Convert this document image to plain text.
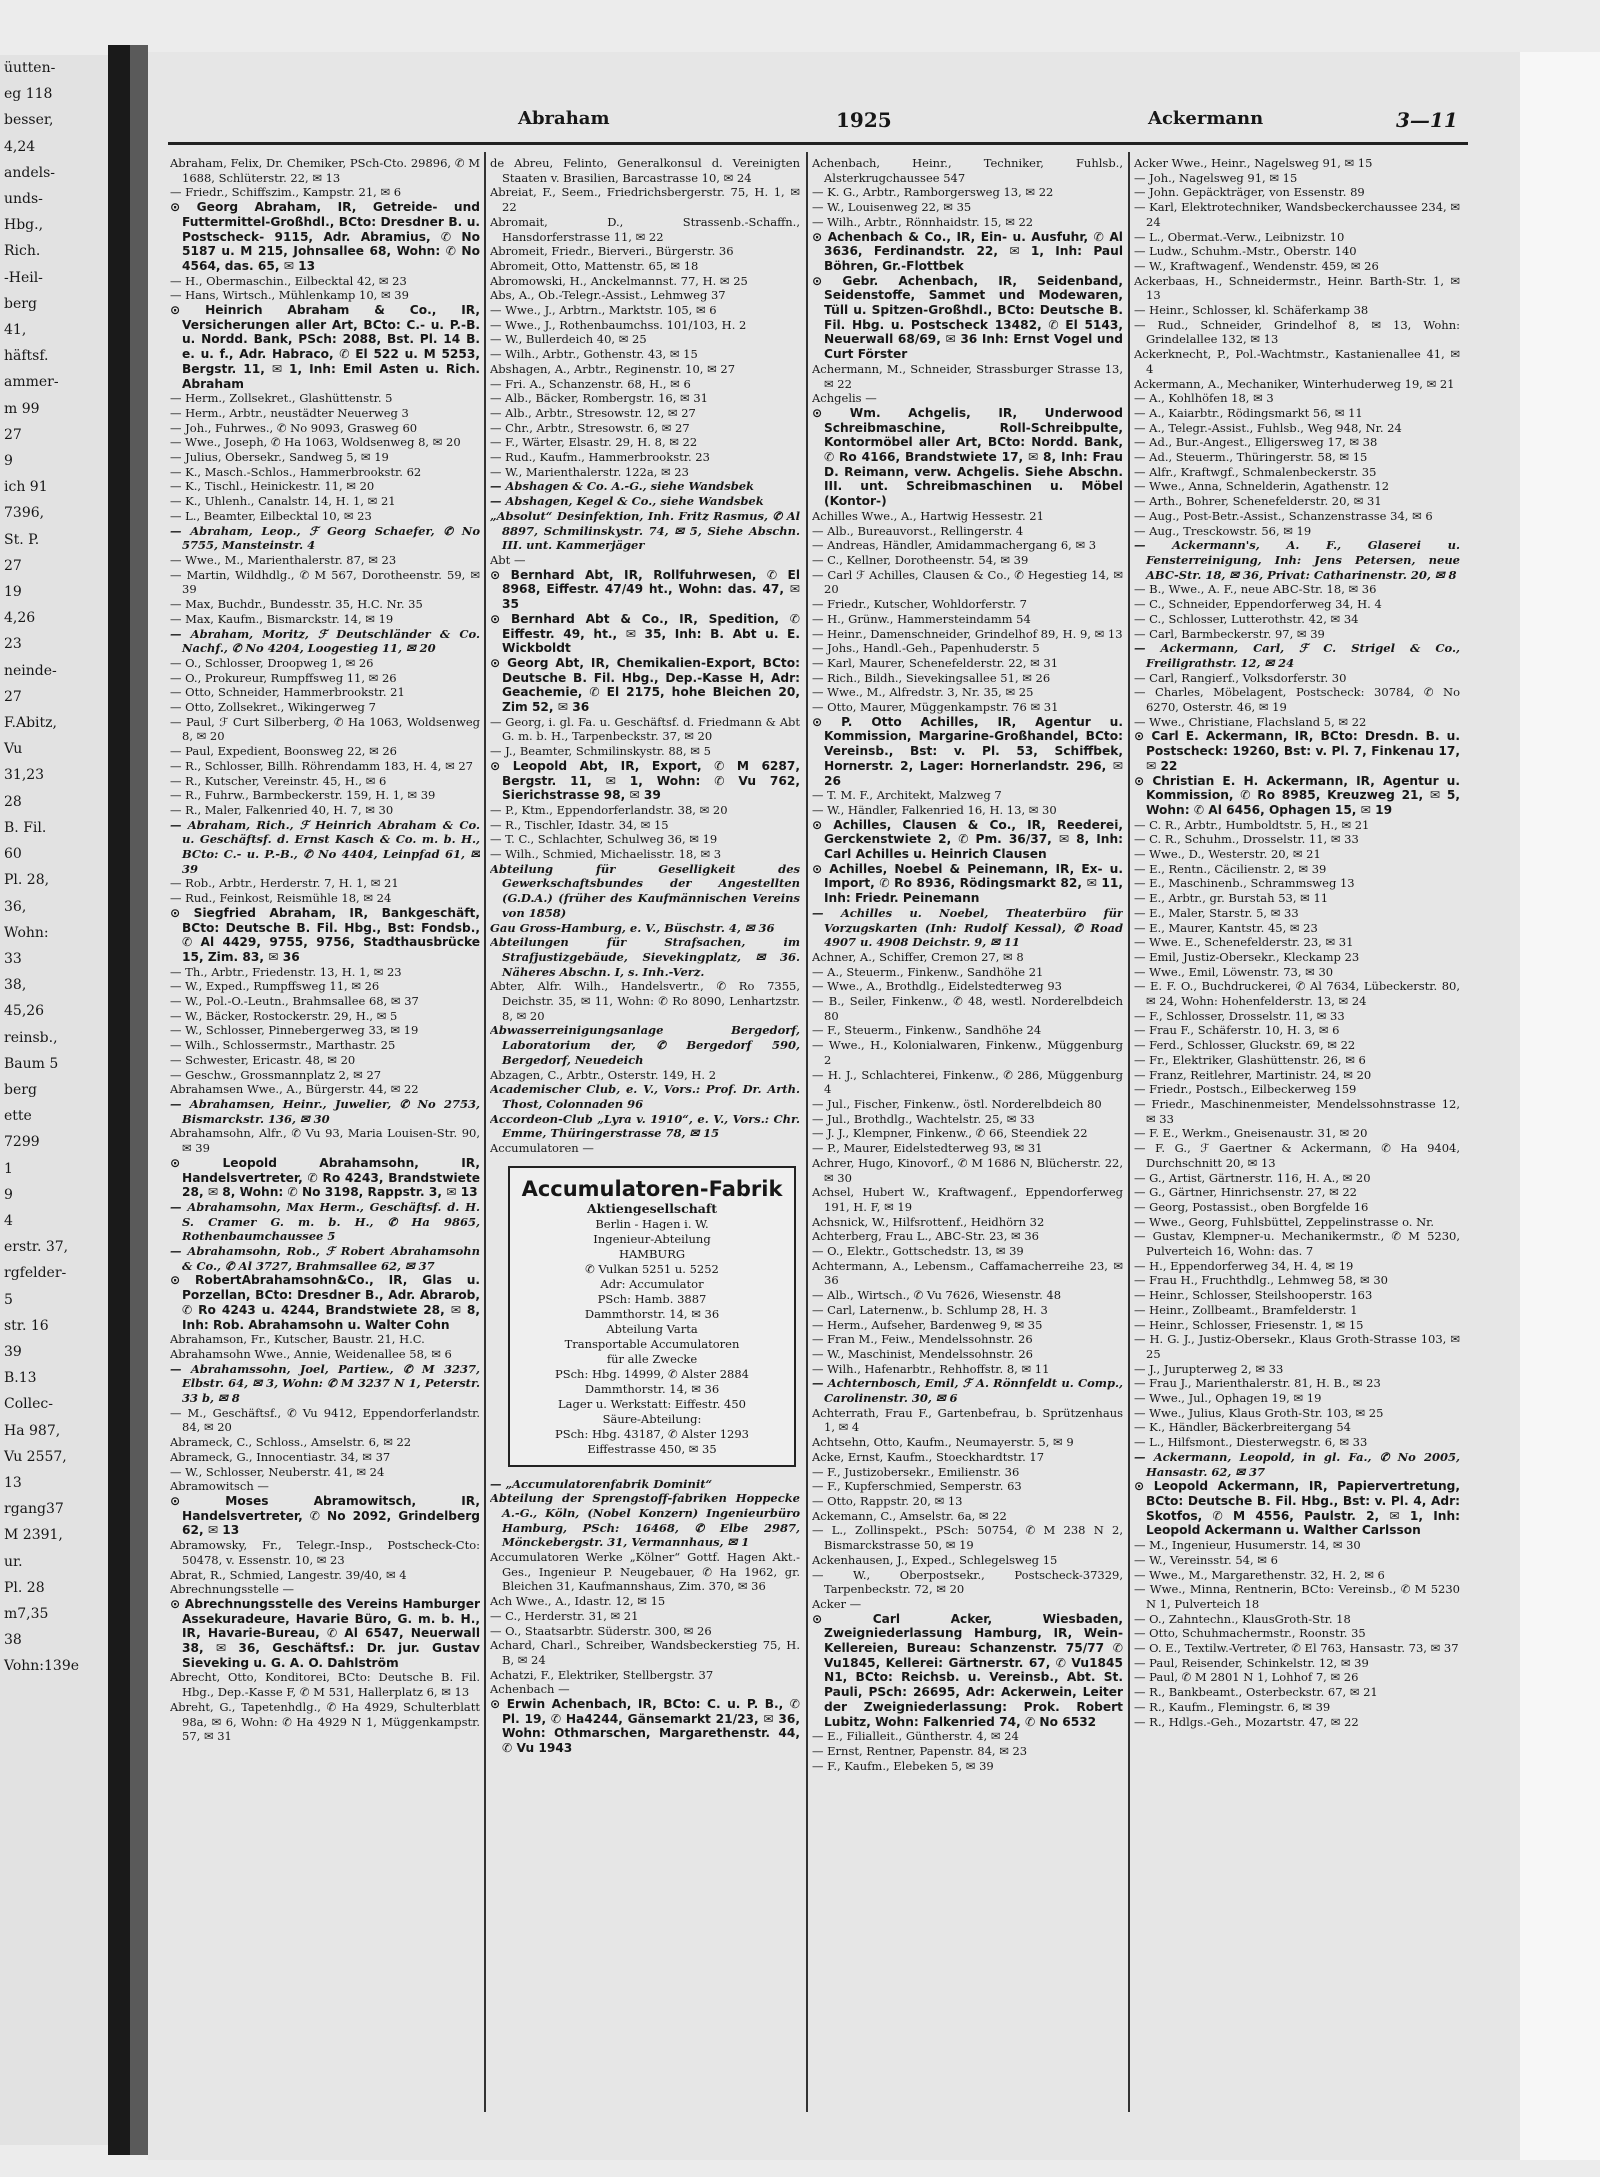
üutten-
eg 118
besser,
4,24
andels-
unds-
Hbg.,
Rich.
-Heil-
berg
41,
häftsf.
ammer-
m 99
27
9
ich 91
7396,
St. P.
27
19
4,26
23
neinde-
27
F.Abitz,
Vu
31,23
28
B. Fil.
60
Pl. 28,
36,
Wohn:
33
38,
45,26
reinsb.,
Baum 5
berg
ette
7299
1
9
4
erstr. 37,
rgfelder-
5
str. 16
39
B.13
Collec-
Ha 987,
Vu 2557,
13
rgang37
M 2391,
ur.
Pl. 28
m7,35
38
Vohn:139e
Abraham	1925	Ackermann	3—11

Abraham, Felix, Dr. Chemiker, PSch-Cto. 29896, ✆ M 1688, Schlüterstr. 22, ✉ 13

— Friedr., Schiffszim., Kampstr. 21, ✉ 6

⊙ Georg Abraham, IR, Getreide- und Futtermittel-Großhdl., BCto: Dresdner B. u. Postscheck- 9115, Adr. Abramius, ✆ No 5187 u. M 215, Johnsallee 68, Wohn: ✆ No 4564, das. 65, ✉ 13

— H., Obermaschin., Eilbecktal 42, ✉ 23

— Hans, Wirtsch., Mühlenkamp 10, ✉ 39

⊙ Heinrich Abraham & Co., IR, Versicherungen aller Art, BCto: C.- u. P.-B. u. Nordd. Bank, PSch: 2088, Bst. Pl. 14 B. e. u. f., Adr. Habraco, ✆ El 522 u. M 5253, Bergstr. 11, ✉ 1, Inh: Emil Asten u. Rich. Abraham

— Herm., Zollsekret., Glashüttenstr. 5

— Herm., Arbtr., neustädter Neuerweg 3

— Joh., Fuhrwes., ✆ No 9093, Grasweg 60

— Wwe., Joseph, ✆ Ha 1063, Woldsenweg 8, ✉ 20

— Julius, Obersekr., Sandweg 5, ✉ 19

— K., Masch.-Schlos., Hammerbrookstr. 62

— K., Tischl., Heinickestr. 11, ✉ 20

— K., Uhlenh., Canalstr. 14, H. 1, ✉ 21

— L., Beamter, Eilbecktal 10, ✉ 23

— Abraham, Leop., ℱ Georg Schaefer, ✆ No 5755, Mansteinstr. 4

— Wwe., M., Marienthalerstr. 87, ✉ 23

— Martin, Wildhdlg., ✆ M 567, Dorotheenstr. 59, ✉ 39

— Max, Buchdr., Bundesstr. 35, H.C. Nr. 35

— Max, Kaufm., Bismarckstr. 14, ✉ 19

— Abraham, Moritz, ℱ Deutschländer & Co. Nachf., ✆ No 4204, Loogestieg 11, ✉ 20

— O., Schlosser, Droopweg 1, ✉ 26

— O., Prokureur, Rumpffsweg 11, ✉ 26

— Otto, Schneider, Hammerbrookstr. 21

— Otto, Zollsekret., Wikingerweg 7

— Paul, ℱ Curt Silberberg, ✆ Ha 1063, Woldsenweg 8, ✉ 20

— Paul, Expedient, Boonsweg 22, ✉ 26

— R., Schlosser, Billh. Röhrendamm 183, H. 4, ✉ 27

— R., Kutscher, Vereinstr. 45, H., ✉ 6

— R., Fuhrw., Barmbeckerstr. 159, H. 1, ✉ 39

— R., Maler, Falkenried 40, H. 7, ✉ 30

— Abraham, Rich., ℱ Heinrich Abraham & Co. u. Geschäftsf. d. Ernst Kasch & Co. m. b. H., BCto: C.- u. P.-B., ✆ No 4404, Leinpfad 61, ✉ 39

— Rob., Arbtr., Herderstr. 7, H. 1, ✉ 21

— Rud., Feinkost, Reismühle 18, ✉ 24

⊙ Siegfried Abraham, IR, Bankgeschäft, BCto: Deutsche B. Fil. Hbg., Bst: Fondsb., ✆ Al 4429, 9755, 9756, Stadthausbrücke 15, Zim. 83, ✉ 36

— Th., Arbtr., Friedenstr. 13, H. 1, ✉ 23

— W., Exped., Rumpffsweg 11, ✉ 26

— W., Pol.-O.-Leutn., Brahmsallee 68, ✉ 37

— W., Bäcker, Rostockerstr. 29, H., ✉ 5

— W., Schlosser, Pinnebergerweg 33, ✉ 19

— Wilh., Schlossermstr., Marthastr. 25

— Schwester, Ericastr. 48, ✉ 20

— Geschw., Grossmannplatz 2, ✉ 27

Abrahamsen Wwe., A., Bürgerstr. 44, ✉ 22

— Abrahamsen, Heinr., Juwelier, ✆ No 2753, Bismarckstr. 136, ✉ 30

Abrahamsohn, Alfr., ✆ Vu 93, Maria Louisen-Str. 90, ✉ 39

⊙ Leopold Abrahamsohn, IR, Handelsvertreter, ✆ Ro 4243, Brandstwiete 28, ✉ 8, Wohn: ✆ No 3198, Rappstr. 3, ✉ 13

— Abrahamsohn, Max Herm., Geschäftsf. d. H. S. Cramer G. m. b. H., ✆ Ha 9865, Rothenbaumchaussee 5

— Abrahamsohn, Rob., ℱ Robert Abrahamsohn & Co., ✆ Al 3727, Brahmsallee 62, ✉ 37

⊙ RobertAbrahamsohn&Co., IR, Glas u. Porzellan, BCto: Dresdner B., Adr. Abrarob, ✆ Ro 4243 u. 4244, Brandstwiete 28, ✉ 8, Inh: Rob. Abrahamsohn u. Walter Cohn

Abrahamson, Fr., Kutscher, Baustr. 21, H.C.

Abrahamsohn Wwe., Annie, Weidenallee 58, ✉ 6

— Abrahamssohn, Joel, Partiew., ✆ M 3237, Elbstr. 64, ✉ 3, Wohn: ✆ M 3237 N 1, Peterstr. 33 b, ✉ 8

— M., Geschäftsf., ✆ Vu 9412, Eppendorferlandstr. 84, ✉ 20

Abrameck, C., Schloss., Amselstr. 6, ✉ 22

Abrameck, G., Innocentiastr. 34, ✉ 37

— W., Schlosser, Neuberstr. 41, ✉ 24

Abramowitsch —

⊙ Moses Abramowitsch, IR, Handelsvertreter, ✆ No 2092, Grindelberg 62, ✉ 13

Abramowsky, Fr., Telegr.-Insp., Postscheck-Cto: 50478, v. Essenstr. 10, ✉ 23

Abrat, R., Schmied, Langestr. 39/40, ✉ 4

Abrechnungsstelle —

⊙ Abrechnungsstelle des Vereins Hamburger Assekuradeure, Havarie Büro, G. m. b. H., IR, Havarie-Bureau, ✆ Al 6547, Neuerwall 38, ✉ 36, Geschäftsf.: Dr. jur. Gustav Sieveking u. G. A. O. Dahlström

Abrecht, Otto, Konditorei, BCto: Deutsche B. Fil. Hbg., Dep.-Kasse F, ✆ M 531, Hallerplatz 6, ✉ 13

Abreht, G., Tapetenhdlg., ✆ Ha 4929, Schulterblatt 98a, ✉ 6, Wohn: ✆ Ha 4929 N 1, Müggenkampstr. 57, ✉ 31

de Abreu, Felinto, Generalkonsul d. Vereinigten Staaten v. Brasilien, Barcastrasse 10, ✉ 24

Abreiat, F., Seem., Friedrichsbergerstr. 75, H. 1, ✉ 22

Abromait, D., Strassenb.-Schaffn., Hansdorferstrasse 11, ✉ 22

Abromeit, Friedr., Bierveri., Bürgerstr. 36

Abromeit, Otto, Mattenstr. 65, ✉ 18

Abromowski, H., Anckelmannst. 77, H. ✉ 25

Abs, A., Ob.-Telegr.-Assist., Lehmweg 37

— Wwe., J., Arbtrn., Marktstr. 105, ✉ 6

— Wwe., J., Rothenbaumchss. 101/103, H. 2

— W., Bullerdeich 40, ✉ 25

— Wilh., Arbtr., Gothenstr. 43, ✉ 15

Abshagen, A., Arbtr., Reginenstr. 10, ✉ 27

— Fri. A., Schanzenstr. 68, H., ✉ 6

— Alb., Bäcker, Rombergstr. 16, ✉ 31

— Alb., Arbtr., Stresowstr. 12, ✉ 27

— Chr., Arbtr., Stresowstr. 6, ✉ 27

— F., Wärter, Elsastr. 29, H. 8, ✉ 22

— Rud., Kaufm., Hammerbrookstr. 23

— W., Marienthalerstr. 122a, ✉ 23

— Abshagen & Co. A.-G., siehe Wandsbek

— Abshagen, Kegel & Co., siehe Wandsbek

„Absolut“ Desinfektion, Inh. Fritz Rasmus, ✆ Al 8897, Schmilinskystr. 74, ✉ 5, Siehe Abschn. III. unt. Kammerjäger

Abt —

⊙ Bernhard Abt, IR, Rollfuhrwesen, ✆ El 8968, Eiffestr. 47/49 ht., Wohn: das. 47, ✉ 35

⊙ Bernhard Abt & Co., IR, Spedition, ✆ Eiffestr. 49, ht., ✉ 35, Inh: B. Abt u. E. Wickboldt

⊙ Georg Abt, IR, Chemikalien-Export, BCto: Deutsche B. Fil. Hbg., Dep.-Kasse H, Adr: Geachemie, ✆ El 2175, hohe Bleichen 20, Zim 52, ✉ 36

— Georg, i. gl. Fa. u. Geschäftsf. d. Friedmann & Abt G. m. b. H., Tarpenbeckstr. 37, ✉ 20

— J., Beamter, Schmilinskystr. 88, ✉ 5

⊙ Leopold Abt, IR, Export, ✆ M 6287, Bergstr. 11, ✉ 1, Wohn: ✆ Vu 762, Sierichstrasse 98, ✉ 39

— P., Ktm., Eppendorferlandstr. 38, ✉ 20

— R., Tischler, Idastr. 34, ✉ 15

— T. C., Schlachter, Schulweg 36, ✉ 19

— Wilh., Schmied, Michaelisstr. 18, ✉ 3

Abteilung für Geselligkeit des Gewerkschaftsbundes der Angestellten (G.D.A.) (früher des Kaufmännischen Vereins von 1858)

Gau Gross-Hamburg, e. V., Büschstr. 4, ✉ 36

Abteilungen für Strafsachen, im Strafjustizgebäude, Sievekingplatz, ✉ 36. Näheres Abschn. I, s. Inh.-Verz.

Abter, Alfr. Wilh., Handelsvertr., ✆ Ro 7355, Deichstr. 35, ✉ 11, Wohn: ✆ Ro 8090, Lenhartzstr. 8, ✉ 20

Abwasserreinigungsanlage Bergedorf, Laboratorium der, ✆ Bergedorf 590, Bergedorf, Neuedeich

Abzagen, C., Arbtr., Osterstr. 149, H. 2

Academischer Club, e. V., Vors.: Prof. Dr. Arth. Thost, Colonnaden 96

Accordeon-Club „Lyra v. 1910“, e. V., Vors.: Chr. Emme, Thüringerstrasse 78, ✉ 15

Accumulatoren —

Accumulatoren-Fabrik
Aktiengesellschaft
Berlin - Hagen i. W.
Ingenieur-Abteilung
HAMBURG
✆ Vulkan 5251 u. 5252
Adr: Accumulator
PSch: Hamb. 3887
Dammthorstr. 14, ✉ 36
Abteilung Varta
Transportable Accumulatoren
für alle Zwecke
PSch: Hbg. 14999, ✆ Alster 2884
Dammthorstr. 14, ✉ 36
Lager u. Werkstatt: Eiffestr. 450
Säure-Abteilung:
PSch: Hbg. 43187, ✆ Alster 1293
Eiffestrasse 450, ✉ 35

— „Accumulatorenfabrik Dominit“

Abteilung der Sprengstoff-fabriken Hoppecke A.-G., Köln, (Nobel Konzern) Ingenieurbüro Hamburg, PSch: 16468, ✆ Elbe 2987, Mönckebergstr. 31, Vermannhaus, ✉ 1

Accumulatoren Werke „Kölner“ Gottf. Hagen Akt.-Ges., Ingenieur P. Neugebauer, ✆ Ha 1962, gr. Bleichen 31, Kaufmannshaus, Zim. 370, ✉ 36

Ach Wwe., A., Idastr. 12, ✉ 15

— C., Herderstr. 31, ✉ 21

— O., Staatsarbtr. Süderstr. 300, ✉ 26

Achard, Charl., Schreiber, Wandsbeckerstieg 75, H. B, ✉ 24

Achatzi, F., Elektriker, Stellbergstr. 37

Achenbach —

⊙ Erwin Achenbach, IR, BCto: C. u. P. B., ✆ Pl. 19, ✆ Ha4244, Gänsemarkt 21/23, ✉ 36, Wohn: Othmarschen, Margarethenstr. 44, ✆ Vu 1943

Achenbach, Heinr., Techniker, Fuhlsb., Alsterkrugchaussee 547

— K. G., Arbtr., Ramborgersweg 13, ✉ 22

— W., Louisenweg 22, ✉ 35

— Wilh., Arbtr., Rönnhaidstr. 15, ✉ 22

⊙ Achenbach & Co., IR, Ein- u. Ausfuhr, ✆ Al 3636, Ferdinandstr. 22, ✉ 1, Inh: Paul Böhren, Gr.-Flottbek

⊙ Gebr. Achenbach, IR, Seidenband, Seidenstoffe, Sammet und Modewaren, Tüll u. Spitzen-Großhdl., BCto: Deutsche B. Fil. Hbg. u. Postscheck 13482, ✆ El 5143, Neuerwall 68/69, ✉ 36 Inh: Ernst Vogel und Curt Förster

Achermann, M., Schneider, Strassburger Strasse 13, ✉ 22

Achgelis —

⊙ Wm. Achgelis, IR, Underwood Schreibmaschine, Roll-Schreibpulte, Kontormöbel aller Art, BCto: Nordd. Bank, ✆ Ro 4166, Brandstwiete 17, ✉ 8, Inh: Frau D. Reimann, verw. Achgelis. Siehe Abschn. III. unt. Schreibmaschinen u. Möbel (Kontor-)

Achilles Wwe., A., Hartwig Hessestr. 21

— Alb., Bureauvorst., Rellingerstr. 4

— Andreas, Händler, Amidammachergang 6, ✉ 3

— C., Kellner, Dorotheenstr. 54, ✉ 39

— Carl ℱ Achilles, Clausen & Co., ✆ Hegestieg 14, ✉ 20

— Friedr., Kutscher, Wohldorferstr. 7

— H., Grünw., Hammersteindamm 54

— Heinr., Damenschneider, Grindelhof 89, H. 9, ✉ 13

— Johs., Handl.-Geh., Papenhuderstr. 5

— Karl, Maurer, Schenefelderstr. 22, ✉ 31

— Rich., Bildh., Sievekingsallee 51, ✉ 26

— Wwe., M., Alfredstr. 3, Nr. 35, ✉ 25

— Otto, Maurer, Müggenkampstr. 76 ✉ 31

⊙ P. Otto Achilles, IR, Agentur u. Kommission, Margarine-Großhandel, BCto: Vereinsb., Bst: v. Pl. 53, Schiffbek, Hornerstr. 2, Lager: Hornerlandstr. 296, ✉ 26

— T. M. F., Architekt, Malzweg 7

— W., Händler, Falkenried 16, H. 13, ✉ 30

⊙ Achilles, Clausen & Co., IR, Reederei, Gerckenstwiete 2, ✆ Pm. 36/37, ✉ 8, Inh: Carl Achilles u. Heinrich Clausen

⊙ Achilles, Noebel & Peinemann, IR, Ex- u. Import, ✆ Ro 8936, Rödingsmarkt 82, ✉ 11, Inh: Friedr. Peinemann

— Achilles u. Noebel, Theaterbüro für Vorzugskarten (Inh: Rudolf Kessal), ✆ Road 4907 u. 4908 Deichstr. 9, ✉ 11

Achner, A., Schiffer, Cremon 27, ✉ 8

— A., Steuerm., Finkenw., Sandhöhe 21

— Wwe., A., Brothdlg., Eidelstedterweg 93

— B., Seiler, Finkenw., ✆ 48, westl. Norderelbdeich 80

— F., Steuerm., Finkenw., Sandhöhe 24

— Wwe., H., Kolonialwaren, Finkenw., Müggenburg 2

— H. J., Schlachterei, Finkenw., ✆ 286, Müggenburg 4

— Jul., Fischer, Finkenw., östl. Norderelbdeich 80

— Jul., Brothdlg., Wachtelstr. 25, ✉ 33

— J. J., Klempner, Finkenw., ✆ 66, Steendiek 22

— P., Maurer, Eidelstedterweg 93, ✉ 31

Achrer, Hugo, Kinovorf., ✆ M 1686 N, Blücherstr. 22, ✉ 30

Achsel, Hubert W., Kraftwagenf., Eppendorferweg 191, H. F, ✉ 19

Achsnick, W., Hilfsrottenf., Heidhörn 32

Achterberg, Frau L., ABC-Str. 23, ✉ 36

— O., Elektr., Gottschedstr. 13, ✉ 39

Achtermann, A., Lebensm., Caffamacherreihe 23, ✉ 36

— Alb., Wirtsch., ✆ Vu 7626, Wiesenstr. 48

— Carl, Laternenw., b. Schlump 28, H. 3

— Herm., Aufseher, Bardenweg 9, ✉ 35

— Fran M., Feiw., Mendelssohnstr. 26

— W., Maschinist, Mendelssohnstr. 26

— Wilh., Hafenarbtr., Rehhoffstr. 8, ✉ 11

— Achternbosch, Emil, ℱ A. Rönnfeldt u. Comp., Carolinenstr. 30, ✉ 6

Achterrath, Frau F., Gartenbefrau, b. Sprützenhaus 1, ✉ 4

Achtsehn, Otto, Kaufm., Neumayerstr. 5, ✉ 9

Acke, Ernst, Kaufm., Stoeckhardtstr. 17

— F., Justizobersekr., Emilienstr. 36

— F., Kupferschmied, Semperstr. 63

— Otto, Rappstr. 20, ✉ 13

Ackemann, C., Amselstr. 6a, ✉ 22

— L., Zollinspekt., PSch: 50754, ✆ M 238 N 2, Bismarckstrasse 50, ✉ 19

Ackenhausen, J., Exped., Schlegelsweg 15

— W., Oberpostsekr., Postscheck-37329, Tarpenbeckstr. 72, ✉ 20

Acker —

⊙ Carl Acker, Wiesbaden, Zweigniederlassung Hamburg, IR, Wein-Kellereien, Bureau: Schanzenstr. 75/77 ✆ Vu1845, Kellerei: Gärtnerstr. 67, ✆ Vu1845 N1, BCto: Reichsb. u. Vereinsb., Abt. St. Pauli, PSch: 26695, Adr: Ackerwein, Leiter der Zweigniederlassung: Prok. Robert Lubitz, Wohn: Falkenried 74, ✆ No 6532

— E., Filialleit., Güntherstr. 4, ✉ 24

— Ernst, Rentner, Papenstr. 84, ✉ 23

— F., Kaufm., Elebeken 5, ✉ 39

Acker Wwe., Heinr., Nagelsweg 91, ✉ 15

— Joh., Nagelsweg 91, ✉ 15

— John. Gepäckträger, von Essenstr. 89

— Karl, Elektrotechniker, Wandsbeckerchaussee 234, ✉ 24

— L., Obermat.-Verw., Leibnizstr. 10

— Ludw., Schuhm.-Mstr., Oberstr. 140

— W., Kraftwagenf., Wendenstr. 459, ✉ 26

Ackerbaas, H., Schneidermstr., Heinr. Barth-Str. 1, ✉ 13

— Heinr., Schlosser, kl. Schäferkamp 38

— Rud., Schneider, Grindelhof 8, ✉ 13, Wohn: Grindelallee 132, ✉ 13

Ackerknecht, P., Pol.-Wachtmstr., Kastanienallee 41, ✉ 4

Ackermann, A., Mechaniker, Winterhuderweg 19, ✉ 21

— A., Kohlhöfen 18, ✉ 3

— A., Kaiarbtr., Rödingsmarkt 56, ✉ 11

— A., Telegr.-Assist., Fuhlsb., Weg 948, Nr. 24

— Ad., Bur.-Angest., Elligersweg 17, ✉ 38

— Ad., Steuerm., Thüringerstr. 58, ✉ 15

— Alfr., Kraftwgf., Schmalenbeckerstr. 35

— Wwe., Anna, Schnelderin, Agathenstr. 12

— Arth., Bohrer, Schenefelderstr. 20, ✉ 31

— Aug., Post-Betr.-Assist., Schanzenstrasse 34, ✉ 6

— Aug., Tresckowstr. 56, ✉ 19

— Ackermann's, A. F., Glaserei u. Fensterreinigung, Inh: Jens Petersen, neue ABC-Str. 18, ✉ 36, Privat: Catharinenstr. 20, ✉ 8

— B., Wwe., A. F., neue ABC-Str. 18, ✉ 36

— C., Schneider, Eppendorferweg 34, H. 4

— C., Schlosser, Lutterothstr. 42, ✉ 34

— Carl, Barmbeckerstr. 97, ✉ 39

— Ackermann, Carl, ℱ C. Strigel & Co., Freiligrathstr. 12, ✉ 24

— Carl, Rangierf., Volksdorferstr. 30

— Charles, Möbelagent, Postscheck: 30784, ✆ No 6270, Osterstr. 46, ✉ 19

— Wwe., Christiane, Flachsland 5, ✉ 22

⊙ Carl E. Ackermann, IR, BCto: Dresdn. B. u. Postscheck: 19260, Bst: v. Pl. 7, Finkenau 17, ✉ 22

⊙ Christian E. H. Ackermann, IR, Agentur u. Kommission, ✆ Ro 8985, Kreuzweg 21, ✉ 5, Wohn: ✆ Al 6456, Ophagen 15, ✉ 19

— C. R., Arbtr., Humboldtstr. 5, H., ✉ 21

— C. R., Schuhm., Drosselstr. 11, ✉ 33

— Wwe., D., Westerstr. 20, ✉ 21

— E., Rentn., Cäcilienstr. 2, ✉ 39

— E., Maschinenb., Schrammsweg 13

— E., Arbtr., gr. Burstah 53, ✉ 11

— E., Maler, Starstr. 5, ✉ 33

— E., Maurer, Kantstr. 45, ✉ 23

— Wwe. E., Schenefelderstr. 23, ✉ 31

— Emil, Justiz-Obersekr., Kleckamp 23

— Wwe., Emil, Löwenstr. 73, ✉ 30

— E. F. O., Buchdruckerei, ✆ Al 7634, Lübeckerstr. 80, ✉ 24, Wohn: Hohenfelderstr. 13, ✉ 24

— F., Schlosser, Drosselstr. 11, ✉ 33

— Frau F., Schäferstr. 10, H. 3, ✉ 6

— Ferd., Schlosser, Gluckstr. 69, ✉ 22

— Fr., Elektriker, Glashüttenstr. 26, ✉ 6

— Franz, Reitlehrer, Martinistr. 24, ✉ 20

— Friedr., Postsch., Eilbeckerweg 159

— Friedr., Maschinenmeister, Mendelssohnstrasse 12, ✉ 33

— F. E., Werkm., Gneisenaustr. 31, ✉ 20

— F. G., ℱ Gaertner & Ackermann, ✆ Ha 9404, Durchschnitt 20, ✉ 13

— G., Artist, Gärtnerstr. 116, H. A., ✉ 20

— G., Gärtner, Hinrichsenstr. 27, ✉ 22

— Georg, Postassist., oben Borgfelde 16

— Wwe., Georg, Fuhlsbüttel, Zeppelinstrasse o. Nr.

— Gustav, Klempner-u. Mechanikermstr., ✆ M 5230, Pulverteich 16, Wohn: das. 7

— H., Eppendorferweg 34, H. 4, ✉ 19

— Frau H., Fruchthdlg., Lehmweg 58, ✉ 30

— Heinr., Schlosser, Steilshooperstr. 163

— Heinr., Zollbeamt., Bramfelderstr. 1

— Heinr., Schlosser, Friesenstr. 1, ✉ 15

— H. G. J., Justiz-Obersekr., Klaus Groth-Strasse 103, ✉ 25

— J., Jurupterweg 2, ✉ 33

— Frau J., Marienthalerstr. 81, H. B., ✉ 23

— Wwe., Jul., Ophagen 19, ✉ 19

— Wwe., Julius, Klaus Groth-Str. 103, ✉ 25

— K., Händler, Bäckerbreitergang 54

— L., Hilfsmont., Diesterwegstr. 6, ✉ 33

— Ackermann, Leopold, in gl. Fa., ✆ No 2005, Hansastr. 62, ✉ 37

⊙ Leopold Ackermann, IR, Papiervertretung, BCto: Deutsche B. Fil. Hbg., Bst: v. Pl. 4, Adr: Skotfos, ✆ M 4556, Paulstr. 2, ✉ 1, Inh: Leopold Ackermann u. Walther Carlsson

— M., Ingenieur, Husumerstr. 14, ✉ 30

— W., Vereinsstr. 54, ✉ 6

— Wwe., M., Margarethenstr. 32, H. 2, ✉ 6

— Wwe., Minna, Rentnerin, BCto: Vereinsb., ✆ M 5230 N 1, Pulverteich 18

— O., Zahntechn., KlausGroth-Str. 18

— Otto, Schuhmachermstr., Roonstr. 35

— O. E., Textilw.-Vertreter, ✆ El 763, Hansastr. 73, ✉ 37

— Paul, Reisender, Schinkelstr. 12, ✉ 39

— Paul, ✆ M 2801 N 1, Lohhof 7, ✉ 26

— R., Bankbeamt., Osterbeckstr. 67, ✉ 21

— R., Kaufm., Flemingstr. 6, ✉ 39

— R., Hdlgs.-Geh., Mozartstr. 47, ✉ 22
